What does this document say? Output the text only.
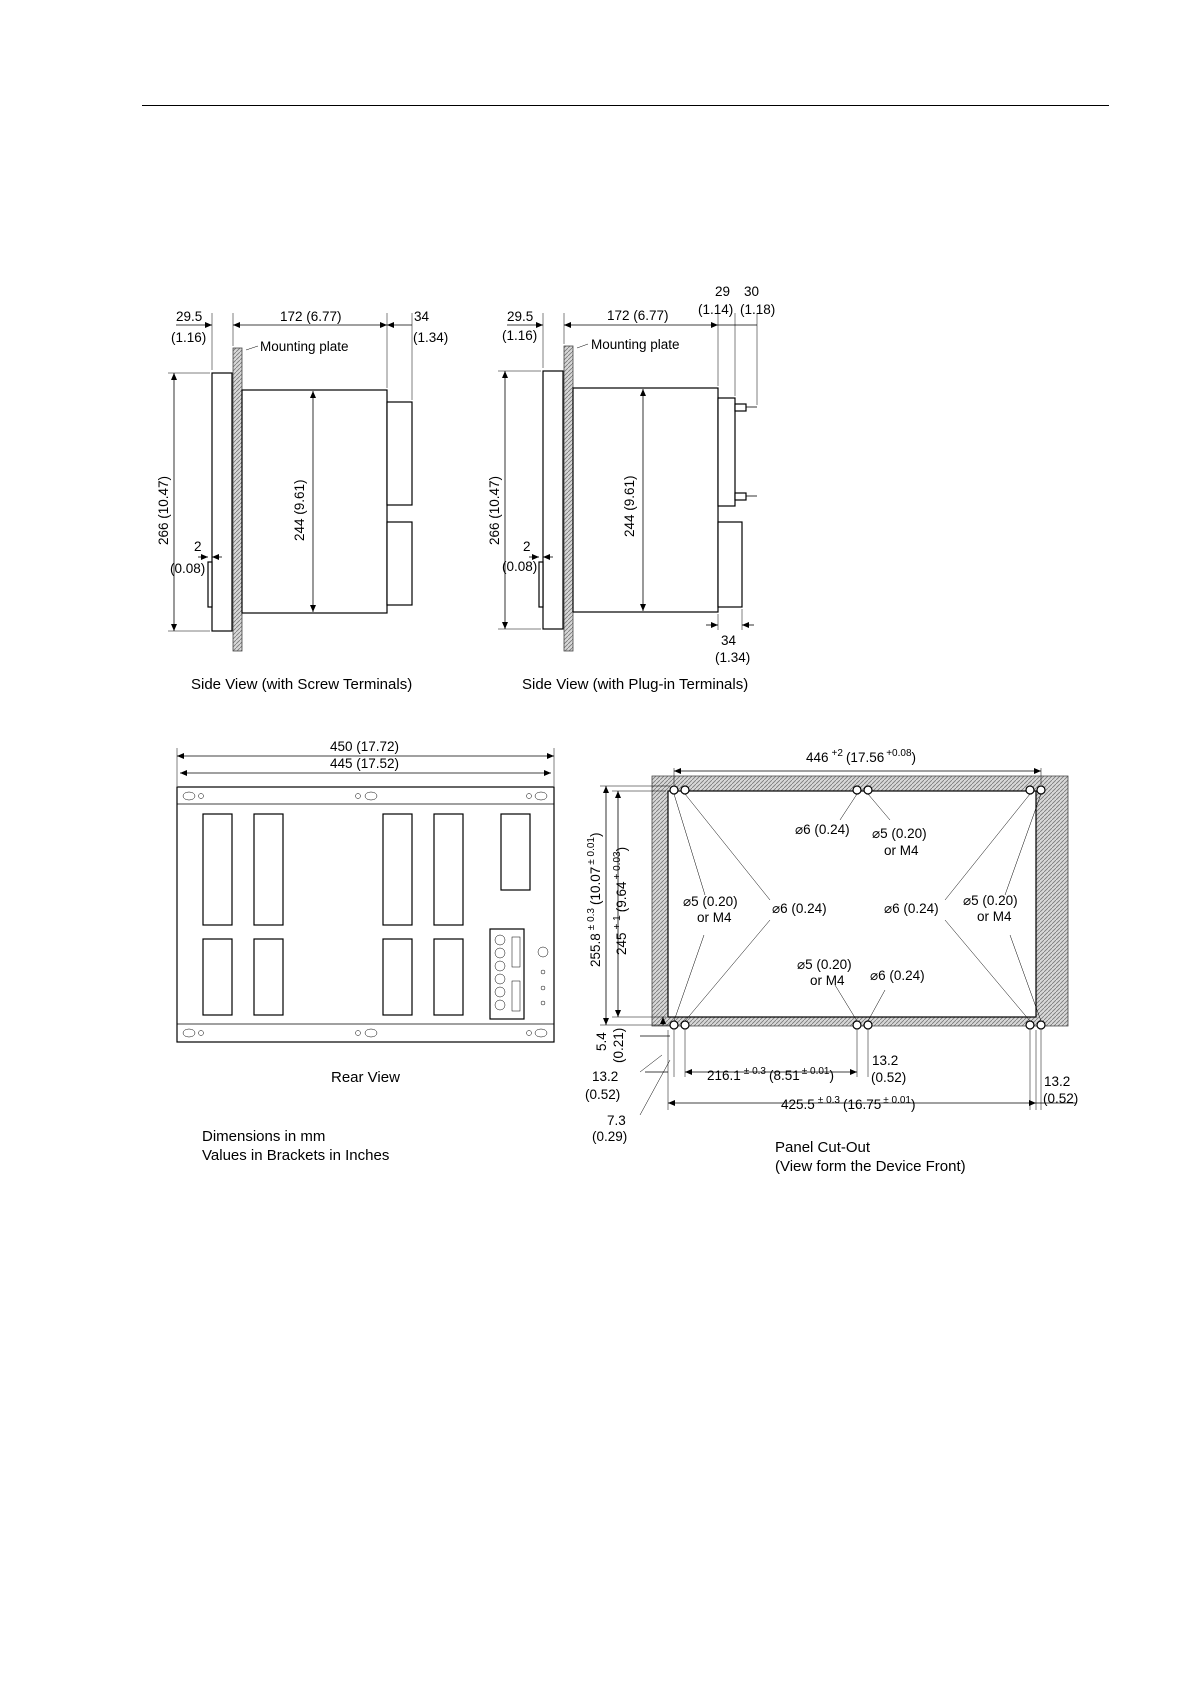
29.5
(1.16)
172 (6.77)	34
(1.34)
Mounting plate
266 (10.47)	244 (9.61)
2
(0.08)
Side View (with Screw Terminals)
29.5
(1.16)
172 (6.77)
29
(1.14)
30
(1.18)
Mounting plate
266 (10.47)	244 (9.61)
2
(0.08)
34
(1.34)
Side View (with Plug-in Terminals)
450 (17.72)
445 (17.52)
Rear View
Dimensions in mm
Values in Brackets in Inches
⌀6 (0.24) ⌀5 (0.20)
or M4
⌀5 (0.20)
or M4
⌀6 (0.24)	⌀6 (0.24)
⌀5 (0.20)
or M4
⌀5 (0.20)
or M4 ⌀6 (0.24)
446 $^{+2}$ (17.56 $^{+0.08}$)
$255.8^{\pm 0.3}(10.07^{\pm 0.01})$
$245^{+ 1}(9.64^{+ 0.03})$
5.4 (0.21)
216.1 $^{\pm 0.3}$ (8.51 $^{\pm 0.01}$)
425.5 $^{\pm 0.3}$ (16.75 $^{\pm 0.01}$)
13.2
(0.52)
7.3
(0.29)
13.2
(0.52)	13.2
(0.52)
Panel Cut-Out
(View form the Device Front)
